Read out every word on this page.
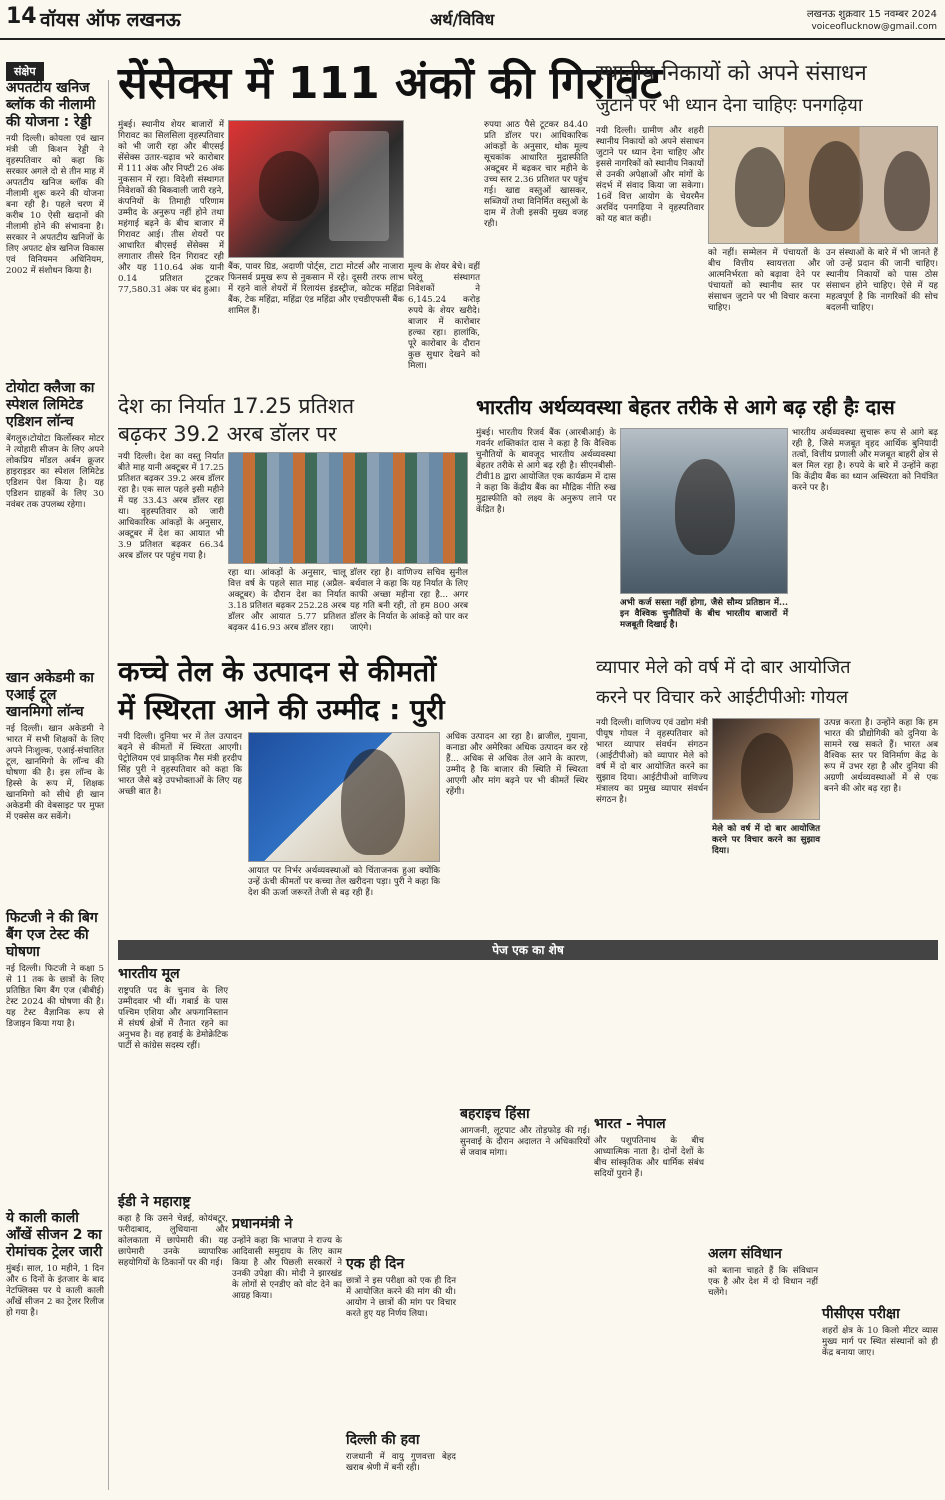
14 वॉयस ऑफ लखनऊ	अर्थ/विविध	लखनऊ शुक्रवार 15 नवम्बर 2024
voiceoflucknow@gmail.com
संक्षेप
अपतटीय खनिज ब्लॉक की नीलामी की योजना : रेड्डी
नयी दिल्ली। कोयला एवं खान मंत्री जी किशन रेड्डी ने वृहस्पतिवार को कहा कि सरकार अगले दो से तीन माह में अपतटीय खनिज ब्लॉक की नीलामी शुरू करने की योजना बना रही है। पहले चरण में करीब 10 ऐसी खदानों की नीलामी होने की संभावना है। सरकार ने अपतटीय खनिजों के लिए अपतट क्षेत्र खनिज विकास एवं विनियमन अधिनियम, 2002 में संशोधन किया है।
टोयोटा क्लैजा का स्पेशल लिमिटेड एडिशन लॉन्च
बेंगलुरु।टोयोटा किर्लोस्कर मोटर ने त्योहारी सीजन के लिए अपने लोकप्रिय मॉडल अर्बन क्रूजर हाइराइडर का स्पेशल लिमिटेड एडिशन पेश किया है। यह एडिशन ग्राहकों के लिए 30 नवंबर तक उपलब्ध रहेगा।
खान अकेडमी का एआई टूल खानमिगो लॉन्च
नई दिल्ली। खान अकेडमी ने भारत में सभी शिक्षकों के लिए अपने निःशुल्क, एआई-संचालित टूल, खानमिगो के लॉन्च की घोषणा की है। इस लॉन्च के हिस्से के रूप में, शिक्षक खानमिगो को सीधे ही खान अकेडमी की वेबसाइट पर मुफ्त में एक्सेस कर सकेंगे।
फिटजी ने की बिग बैंग एज टेस्ट की घोषणा
नई दिल्ली। फिटजी ने कक्षा 5 से 11 तक के छात्रों के लिए प्रतिष्ठित बिग बैंग एज (बीबीई) टेस्ट 2024 की घोषणा की है। यह टेस्ट वैज्ञानिक रूप से डिजाइन किया गया है।
ये काली काली आँखें सीजन 2 का रोमांचक ट्रेलर जारी
मुंबई। साल, 10 महीने, 1 दिन और 6 दिनों के इंतजार के बाद नेटफ्लिक्स पर ये काली काली आँखें सीजन 2 का ट्रेलर रिलीज हो गया है।
सेंसेक्स में 111 अंकों की गिरावट
मुंबई। स्थानीय शेयर बाजारों में गिरावट का सिलसिला वृहस्पतिवार को भी जारी रहा और बीएसई सेंसेक्स उतार-चढ़ाव भरे कारोबार में 111 अंक और निफ्टी 26 अंक नुकसान में रहा। विदेशी संस्थागत निवेशकों की बिकवाली जारी रहने, कंपनियों के तिमाही परिणाम उम्मीद के अनुरूप नहीं होने तथा महंगाई बढ़ने के बीच बाजार में गिरावट आई। तीस शेयरों पर आधारित बीएसई सेंसेक्स में लगातार तीसरे दिन गिरावट रही और यह 110.64 अंक यानी 0.14 प्रतिशत टूटकर 77,580.31 अंक पर बंद हुआ।
बैंक, पावर ग्रिड, अदाणी पोर्ट्स, टाटा मोटर्स और नाजारा फिनसर्व प्रमुख रूप से नुकसान में रहे। दूसरी तरफ लाभ में रहने वाले शेयरों में रिलायंस इंडस्ट्रीज, कोटक महिंद्रा बैंक, टेक महिंद्रा, महिंद्रा एंड महिंद्रा और एचडीएफसी बैंक शामिल हैं।
मूल्य के शेयर बेचे। वहीं घरेलू संस्थागत निवेशकों ने 6,145.24 करोड़ रुपये के शेयर खरीदे। बाजार में कारोबार हल्का रहा। हालांकि, पूरे कारोबार के दौरान कुछ सुधार देखने को मिला।
रुपया आठ पैसे टूटकर 84.40 प्रति डॉलर पर। आधिकारिक आंकड़ों के अनुसार, थोक मूल्य सूचकांक आधारित मुद्रास्फीति अक्टूबर में बढ़कर चार महीने के उच्च स्तर 2.36 प्रतिशत पर पहुंच गई। खाद्य वस्तुओं खासकर, सब्जियों तथा विनिर्मित वस्तुओं के दाम में तेजी इसकी मुख्य वजह रही।
स्थानीय निकायों को अपने संसाधन
जुटाने पर भी ध्यान देना चाहिएः पनगढ़िया
नयी दिल्ली। ग्रामीण और शहरी स्थानीय निकायों को अपने संसाधन जुटाने पर ध्यान देना चाहिए और इससे नागरिकों को स्थानीय निकायों से उनकी अपेक्षाओं और मांगों के संदर्भ में संवाद किया जा सकेगा। 16वें वित्त आयोग के चेयरमैन अरविंद पनगढ़िया ने वृहस्पतिवार को यह बात कही।
को नहीं। सम्मेलन में पंचायतों के बीच वित्तीय स्वायत्तता और आत्मनिर्भरता को बढ़ावा देने पर पंचायतों को स्थानीय स्तर पर संसाधन जुटाने पर भी विचार करना चाहिए।
उन संस्थाओं के बारे में भी जानते हैं जो उन्हें प्रदान की जानी चाहिए। स्थानीय निकायों को पास ठोस संसाधन होने चाहिए। ऐसे में यह महत्वपूर्ण है कि नागरिकों की सोच बदलनी चाहिए।
देश का निर्यात 17.25 प्रतिशत
बढ़कर 39.2 अरब डॉलर पर
नयी दिल्ली। देश का वस्तु निर्यात बीते माह यानी अक्टूबर में 17.25 प्रतिशत बढ़कर 39.2 अरब डॉलर रहा है। एक साल पहले इसी महीने में यह 33.43 अरब डॉलर रहा था। वृहस्पतिवार को जारी आधिकारिक आंकड़ों के अनुसार, अक्टूबर में देश का आयात भी 3.9 प्रतिशत बढ़कर 66.34 अरब डॉलर पर पहुंच गया है।
रहा था। आंकड़ों के अनुसार, चालू वित्त वर्ष के पहले सात माह (अप्रैल-अक्टूबर) के दौरान देश का निर्यात 3.18 प्रतिशत बढ़कर 252.28 अरब डॉलर और आयात 5.77 प्रतिशत बढ़कर 416.93 अरब डॉलर रहा।
डॉलर रहा है। वाणिज्य सचिव सुनील बर्थवाल ने कहा कि यह निर्यात के लिए काफी अच्छा महीना रहा है... अगर यह गति बनी रही, तो हम 800 अरब डॉलर के निर्यात के आंकड़े को पार कर जाएंगे।
भारतीय अर्थव्यवस्था बेहतर तरीके से आगे बढ़ रही हैः दास
मुंबई। भारतीय रिजर्व बैंक (आरबीआई) के गवर्नर शक्तिकांत दास ने कहा है कि वैश्विक चुनौतियों के बावजूद भारतीय अर्थव्यवस्था बेहतर तरीके से आगे बढ़ रही है। सीएनबीसी-टीवी18 द्वारा आयोजित एक कार्यक्रम में दास ने कहा कि केंद्रीय बैंक का मौद्रिक नीति रुख मुद्रास्फीति को लक्ष्य के अनुरूप लाने पर केंद्रित है।
अभी कर्ज सस्ता नहीं होगा, जैसे सौम्य प्रतिष्ठान में... इन वैश्विक चुनौतियों के बीच भारतीय बाजारों में मजबूती दिखाई है।
भारतीय अर्थव्यवस्था सुचारू रूप से आगे बढ़ रही है, जिसे मजबूत वृहद आर्थिक बुनियादी तत्वों, वित्तीय प्रणाली और मजबूत बाहरी क्षेत्र से बल मिल रहा है। रुपये के बारे में उन्होंने कहा कि केंद्रीय बैंक का ध्यान अस्थिरता को नियंत्रित करने पर है।
कच्चे तेल के उत्पादन से कीमतों
में स्थिरता आने की उम्मीद : पुरी
नयी दिल्ली। दुनिया भर में तेल उत्पादन बढ़ने से कीमतों में स्थिरता आएगी। पेट्रोलियम एवं प्राकृतिक गैस मंत्री हरदीप सिंह पुरी ने वृहस्पतिवार को कहा कि भारत जैसे बड़े उपभोक्ताओं के लिए यह अच्छी बात है।
आयात पर निर्भर अर्थव्यवस्थाओं को चिंताजनक हुआ क्योंकि उन्हें ऊंची कीमतों पर कच्चा तेल खरीदना पड़ा। पुरी ने कहा कि देश की ऊर्जा जरूरतें तेजी से बढ़ रही हैं।
अधिक उत्पादन आ रहा है। ब्राजील, गुयाना, कनाडा और अमेरिका अधिक उत्पादन कर रहे हैं... अधिक से अधिक तेल आने के कारण, उम्मीद है कि बाजार की स्थिति में स्थिरता आएगी और मांग बढ़ने पर भी कीमतें स्थिर रहेंगी।
व्यापार मेले को वर्ष में दो बार आयोजित
करने पर विचार करे आईटीपीओः गोयल
नयी दिल्ली। वाणिज्य एवं उद्योग मंत्री पीयूष गोयल ने वृहस्पतिवार को भारत व्यापार संवर्धन संगठन (आईटीपीओ) को व्यापार मेले को वर्ष में दो बार आयोजित करने का सुझाव दिया। आईटीपीओ वाणिज्य मंत्रालय का प्रमुख व्यापार संवर्धन संगठन है।
मेले को वर्ष में दो बार आयोजित करने पर विचार करने का सुझाव दिया।
उत्पन्न करता है। उन्होंने कहा कि हम भारत की प्रौद्योगिकी को दुनिया के सामने रख सकते हैं। भारत अब वैश्विक स्तर पर विनिर्माण केंद्र के रूप में उभर रहा है और दुनिया की अग्रणी अर्थव्यवस्थाओं में से एक बनने की ओर बढ़ रहा है।
पेज एक का शेष
भारतीय मूल
राष्ट्रपति पद के चुनाव के लिए उम्मीदवार भी थीं। गबार्ड के पास पश्चिम एशिया और अफगानिस्तान में संघर्ष क्षेत्रों में तैनात रहने का अनुभव है। वह हवाई के डेमोक्रेटिक पार्टी से कांग्रेस सदस्य रहीं।
ईडी ने महाराष्ट्र
कहा है कि उसने चेन्नई, कोयंबटूर, फरीदाबाद, लुधियाना और कोलकाता में छापेमारी की। यह छापेमारी उनके व्यापारिक सहयोगियों के ठिकानों पर की गई।
प्रधानमंत्री ने
उन्होंने कहा कि भाजपा ने राज्य के आदिवासी समुदाय के लिए काम किया है और पिछली सरकारों ने उनकी उपेक्षा की। मोदी ने झारखंड के लोगों से एनडीए को वोट देने का आग्रह किया।
एक ही दिन
छात्रों ने इस परीक्षा को एक ही दिन में आयोजित करने की मांग की थी। आयोग ने छात्रों की मांग पर विचार करते हुए यह निर्णय लिया।
दिल्ली की हवा
राजधानी में वायु गुणवत्ता बेहद खराब श्रेणी में बनी रही।
बहराइच हिंसा
आगजनी, लूटपाट और तोड़फोड़ की गई। सुनवाई के दौरान अदालत ने अधिकारियों से जवाब मांगा।
भारत - नेपाल
और पशुपतिनाथ के बीच आध्यात्मिक नाता है। दोनों देशों के बीच सांस्कृतिक और धार्मिक संबंध सदियों पुराने हैं।
अलग संविधान
को बताना चाहते हैं कि संविधान एक है और देश में दो विधान नहीं चलेंगे।
पीसीएस परीक्षा
शहरों क्षेत्र के 10 किलो मीटर व्यास मुख्य मार्ग पर स्थित संस्थानों को ही केंद्र बनाया जाए।
